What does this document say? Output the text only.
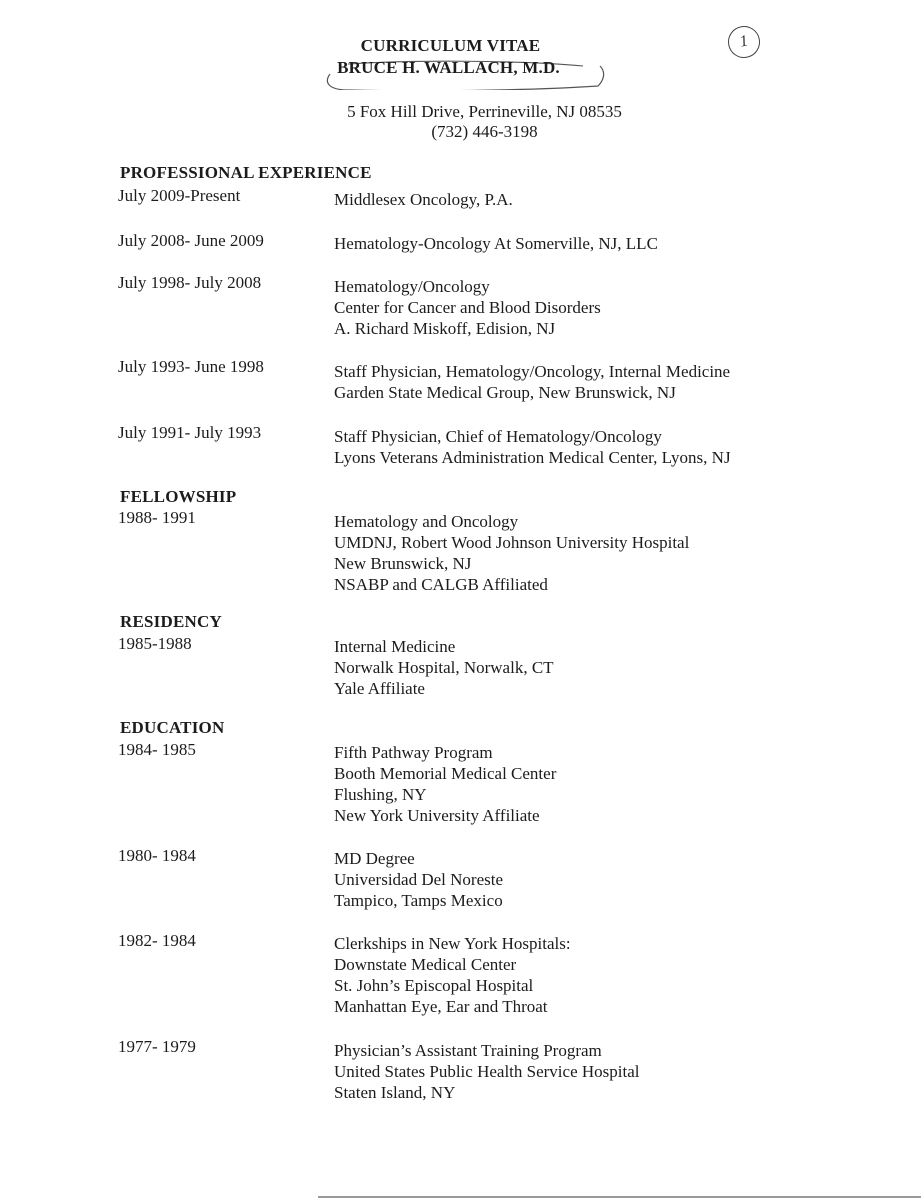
1
CURRICULUM VITAE
BRUCE H. WALLACH, M.D.
5 Fox Hill Drive, Perrineville, NJ 08535
(732) 446-3198
PROFESSIONAL EXPERIENCE
July 2009-Present	Middlesex Oncology, P.A.
July 2008- June 2009	Hematology-Oncology At Somerville, NJ, LLC
July 1998- July 2008	Hematology/Oncology
Center for Cancer and Blood Disorders
A. Richard Miskoff, Edision, NJ
July 1993- June 1998	Staff Physician, Hematology/Oncology, Internal Medicine
Garden State Medical Group, New Brunswick, NJ
July 1991- July 1993	Staff Physician, Chief of Hematology/Oncology
Lyons Veterans Administration Medical Center, Lyons, NJ
FELLOWSHIP
1988- 1991	Hematology and Oncology
UMDNJ, Robert Wood Johnson University Hospital
New Brunswick, NJ
NSABP and CALGB Affiliated
RESIDENCY
1985-1988	Internal Medicine
Norwalk Hospital, Norwalk, CT
Yale Affiliate
EDUCATION
1984- 1985	Fifth Pathway Program
Booth Memorial Medical Center
Flushing, NY
New York University Affiliate
1980- 1984	MD Degree
Universidad Del Noreste
Tampico, Tamps Mexico
1982- 1984	Clerkships in New York Hospitals:
Downstate Medical Center
St. John’s Episcopal Hospital
Manhattan Eye, Ear and Throat
1977- 1979	Physician’s Assistant Training Program
United States Public Health Service Hospital
Staten Island, NY
